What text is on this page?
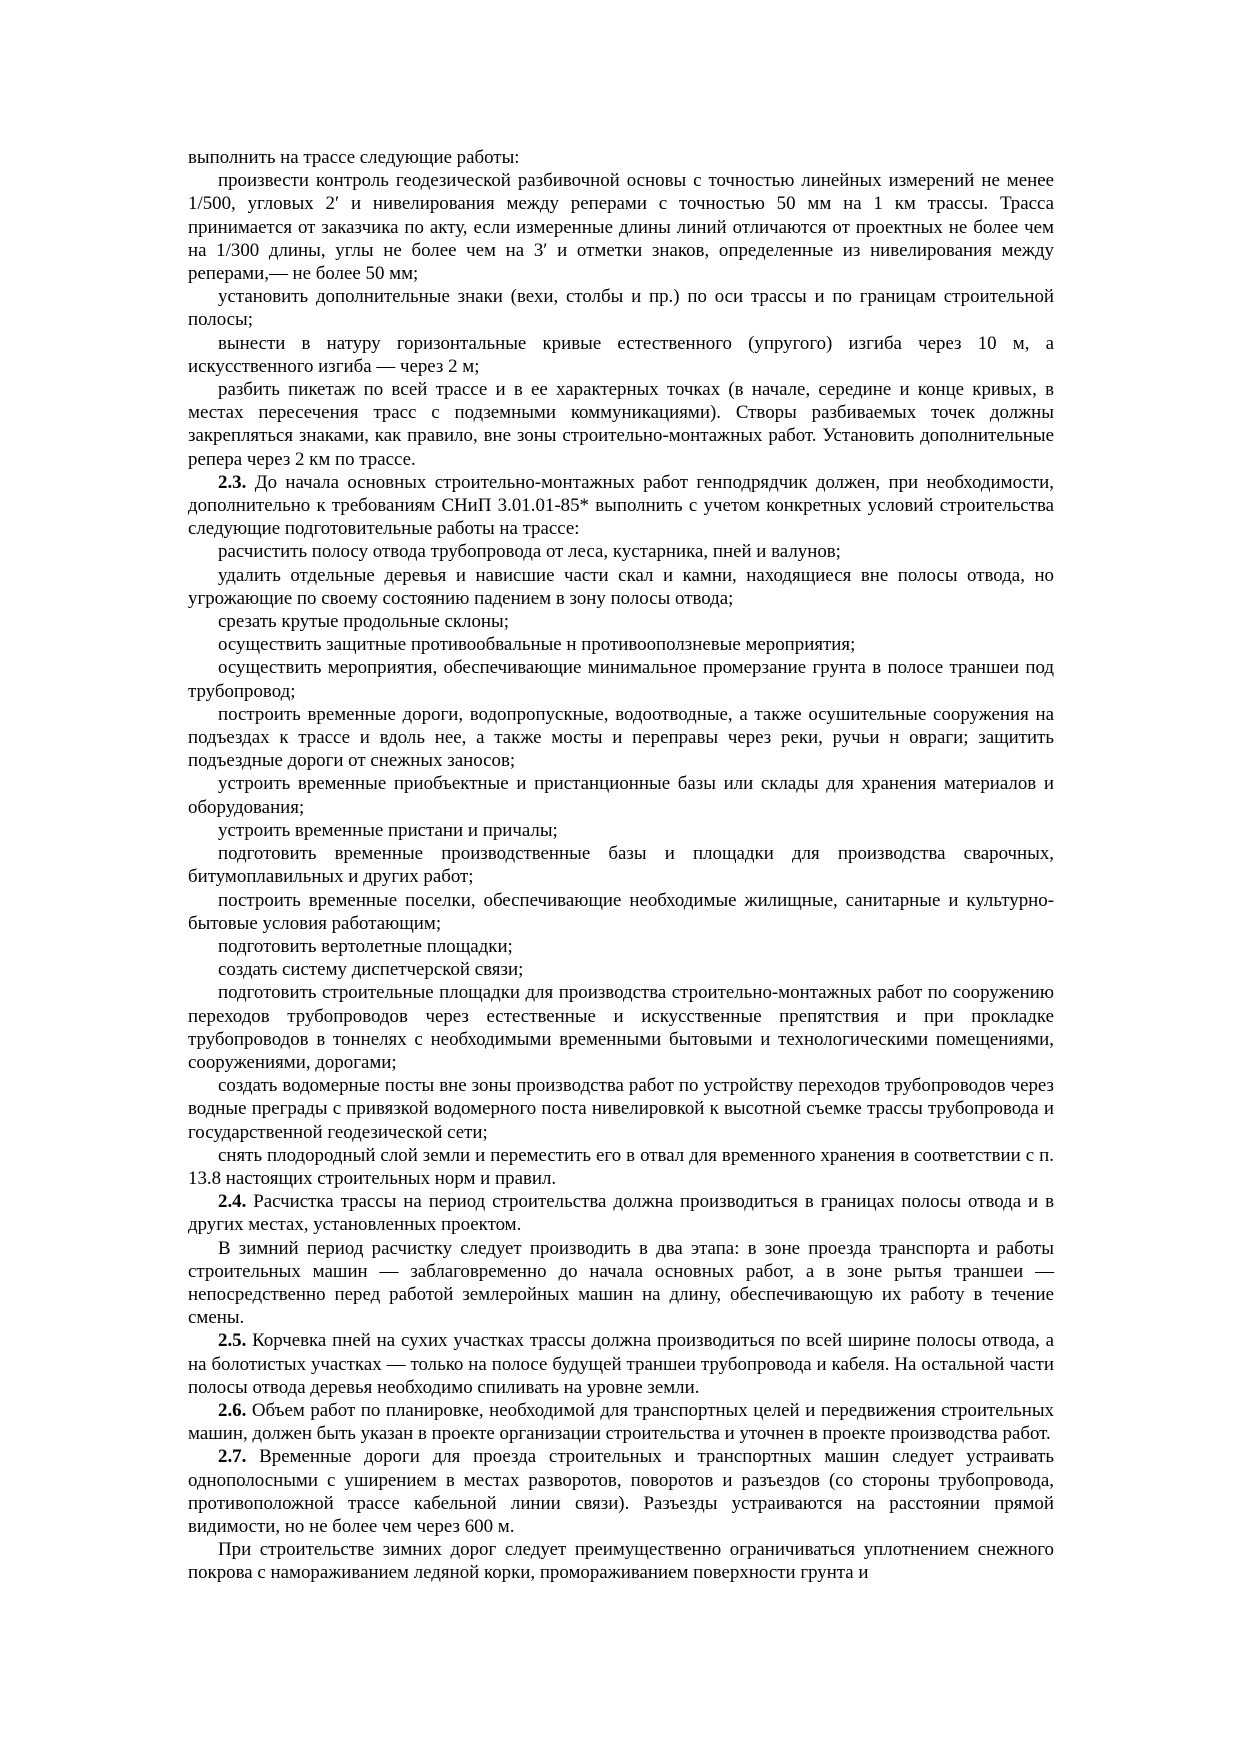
выполнить на трассе следующие работы:

произвести контроль геодезической разбивочной основы с точностью линейных измерений не менее 1/500, угловых 2′ и нивелирования между реперами с точностью 50 мм на 1 км трассы. Трасса принимается от заказчика по акту, если измеренные длины линий отличаются от проектных не более чем на 1/300 длины, углы не более чем на 3′ и отметки знаков, определенные из нивелирования между реперами,— не более 50 мм;

установить дополнительные знаки (вехи, столбы и пр.) по оси трассы и по границам строительной полосы;

вынести в натуру горизонтальные кривые естественного (упругого) изгиба через 10 м, а искусственного изгиба — через 2 м;

разбить пикетаж по всей трассе и в ее характерных точках (в начале, середине и конце кривых, в местах пересечения трасс с подземными коммуникациями). Створы разбиваемых точек должны закрепляться знаками, как правило, вне зоны строительно-монтажных работ. Установить дополнительные репера через 2 км по трассе.

2.3. До начала основных строительно-монтажных работ генподрядчик должен, при необходимости, дополнительно к требованиям СНиП 3.01.01-85* выполнить с учетом конкретных условий строительства следующие подготовительные работы на трассе:

расчистить полосу отвода трубопровода от леса, кустарника, пней и валунов;

удалить отдельные деревья и нависшие части скал и камни, находящиеся вне полосы отвода, но угрожающие по своему состоянию падением в зону полосы отвода;

срезать крутые продольные склоны;

осуществить защитные противообвальные н противооползневые мероприятия;

осуществить мероприятия, обеспечивающие минимальное промерзание грунта в полосе траншеи под трубопровод;

построить временные дороги, водопропускные, водоотводные, а также осушительные сооружения на подъездах к трассе и вдоль нее, а также мосты и переправы через реки, ручьи н овраги; защитить подъездные дороги от снежных заносов;

устроить временные приобъектные и пристанционные базы или склады для хранения материалов и оборудования;

устроить временные пристани и причалы;

подготовить временные производственные базы и площадки для производства сварочных, битумоплавильных и других работ;

построить временные поселки, обеспечивающие необходимые жилищные, санитарные и культурно-бытовые условия работающим;

подготовить вертолетные площадки;

создать систему диспетчерской связи;

подготовить строительные площадки для производства строительно-монтажных работ по сооружению переходов трубопроводов через естественные и искусственные препятствия и при прокладке трубопроводов в тоннелях с необходимыми временными бытовыми и технологическими помещениями, сооружениями, дорогами;

создать водомерные посты вне зоны производства работ по устройству переходов трубопроводов через водные преграды с привязкой водомерного поста нивелировкой к высотной съемке трассы трубопровода и государственной геодезической сети;

снять плодородный слой земли и переместить его в отвал для временного хранения в соответствии с п. 13.8 настоящих строительных норм и правил.

2.4. Расчистка трассы на период строительства должна производиться в границах полосы отвода и в других местах, установленных проектом.

В зимний период расчистку следует производить в два этапа: в зоне проезда транспорта и работы строительных машин — заблаговременно до начала основных работ, а в зоне рытья траншеи — непосредственно перед работой землеройных машин на длину, обеспечивающую их работу в течение смены.

2.5. Корчевка пней на сухих участках трассы должна производиться по всей ширине полосы отвода, а на болотистых участках — только на полосе будущей траншеи трубопровода и кабеля. На остальной части полосы отвода деревья необходимо спиливать на уровне земли.

2.6. Объем работ по планировке, необходимой для транспортных целей и передвижения строительных машин, должен быть указан в проекте организации строительства и уточнен в проекте производства работ.

2.7. Временные дороги для проезда строительных и транспортных машин следует устраивать однополосными с уширением в местах разворотов, поворотов и разъездов (со стороны трубопровода, противоположной трассе кабельной линии связи). Разъезды устраиваются на расстоянии прямой видимости, но не более чем через 600 м.

При строительстве зимних дорог следует преимущественно ограничиваться уплотнением снежного покрова с намораживанием ледяной корки, промораживанием поверхности грунта и
